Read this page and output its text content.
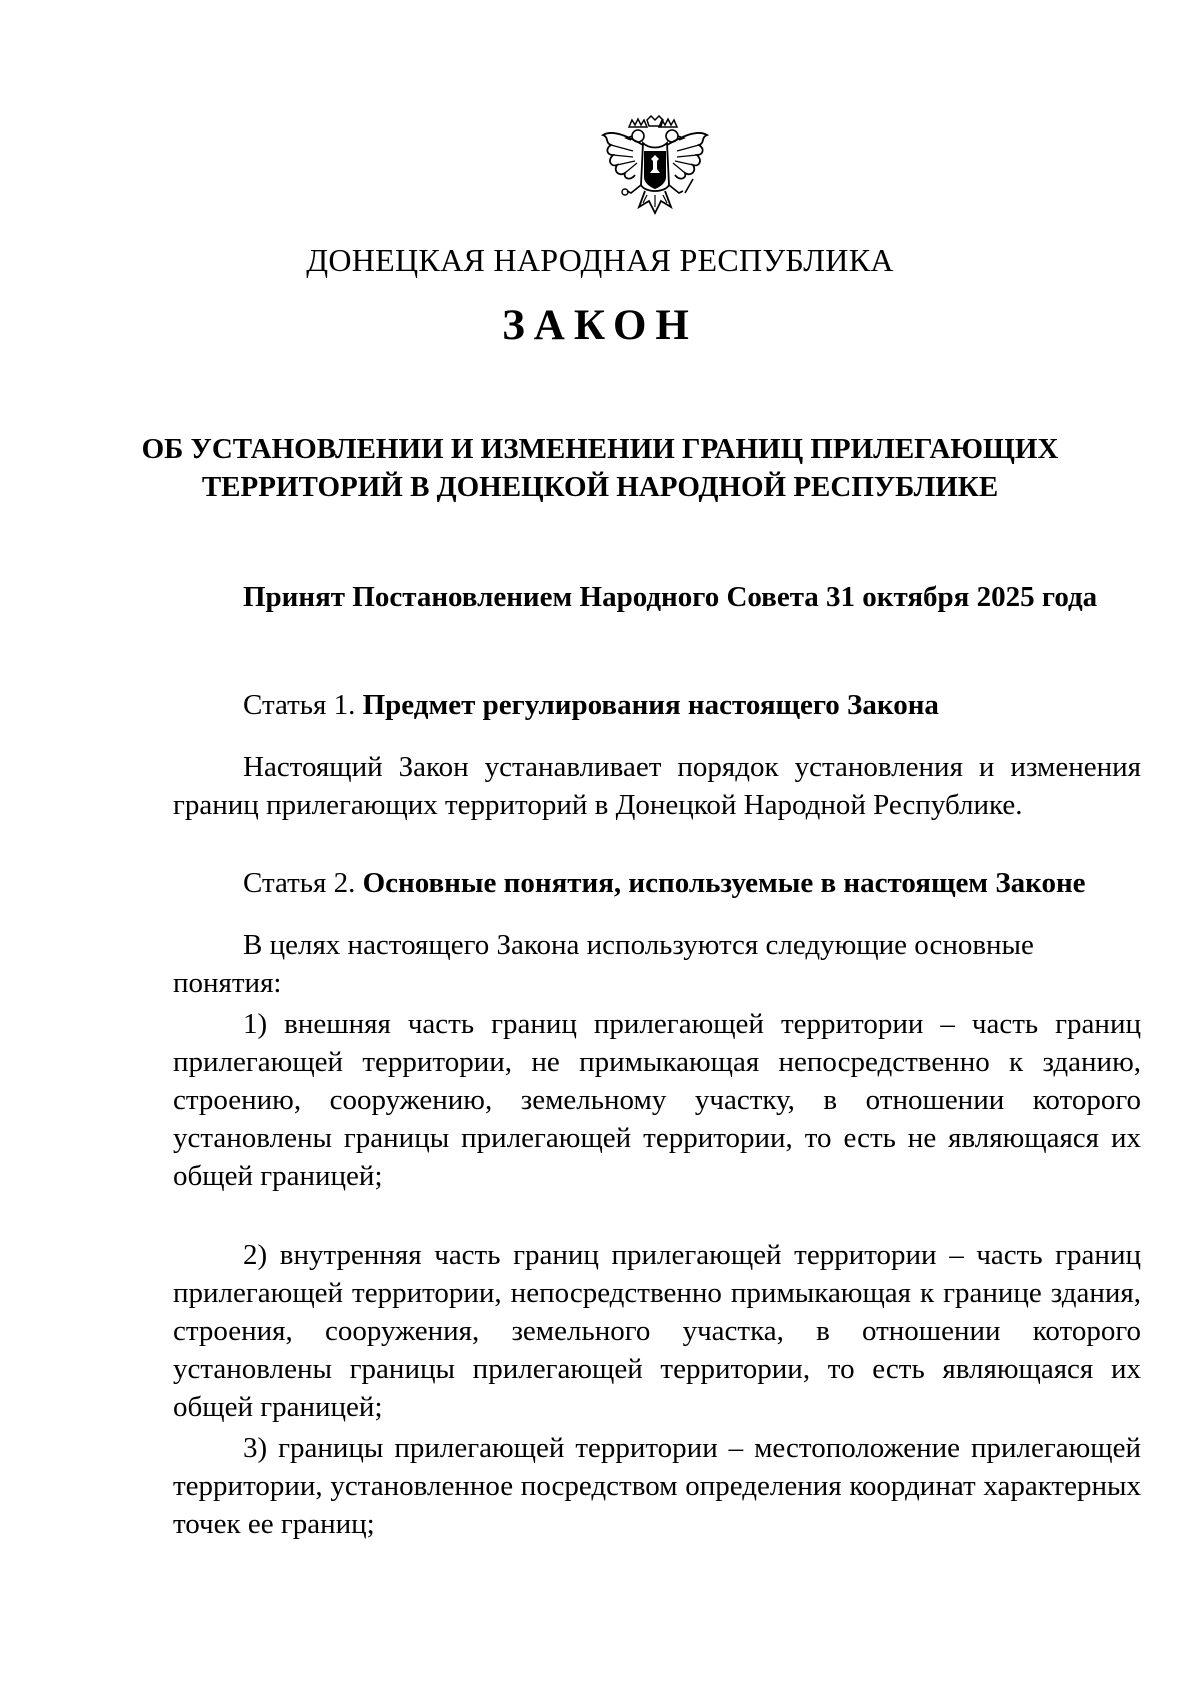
ДОНЕЦКАЯ НАРОДНАЯ РЕСПУБЛИКА
ЗАКОН
ОБ УСТАНОВЛЕНИИ И ИЗМЕНЕНИИ ГРАНИЦ ПРИЛЕГАЮЩИХ
ТЕРРИТОРИЙ В ДОНЕЦКОЙ НАРОДНОЙ РЕСПУБЛИКЕ
Принят Постановлением Народного Совета 31 октября 2025 года
Статья 1. Предмет регулирования настоящего Закона
Настоящий Закон устанавливает порядок установления и изменения границ прилегающих территорий в Донецкой Народной Республике.
Статья 2. Основные понятия, используемые в настоящем Законе
В целях настоящего Закона используются следующие основные понятия:
1) внешняя часть границ прилегающей территории – часть границ прилегающей территории, не примыкающая непосредственно к зданию, строению, сооружению, земельному участку, в отношении которого установлены границы прилегающей территории, то есть не являющаяся их общей границей;
2) внутренняя часть границ прилегающей территории – часть границ прилегающей территории, непосредственно примыкающая к границе здания, строения, сооружения, земельного участка, в отношении которого установлены границы прилегающей территории, то есть являющаяся их общей границей;
3) границы прилегающей территории – местоположение прилегающей территории, установленное посредством определения координат характерных точек ее границ;
